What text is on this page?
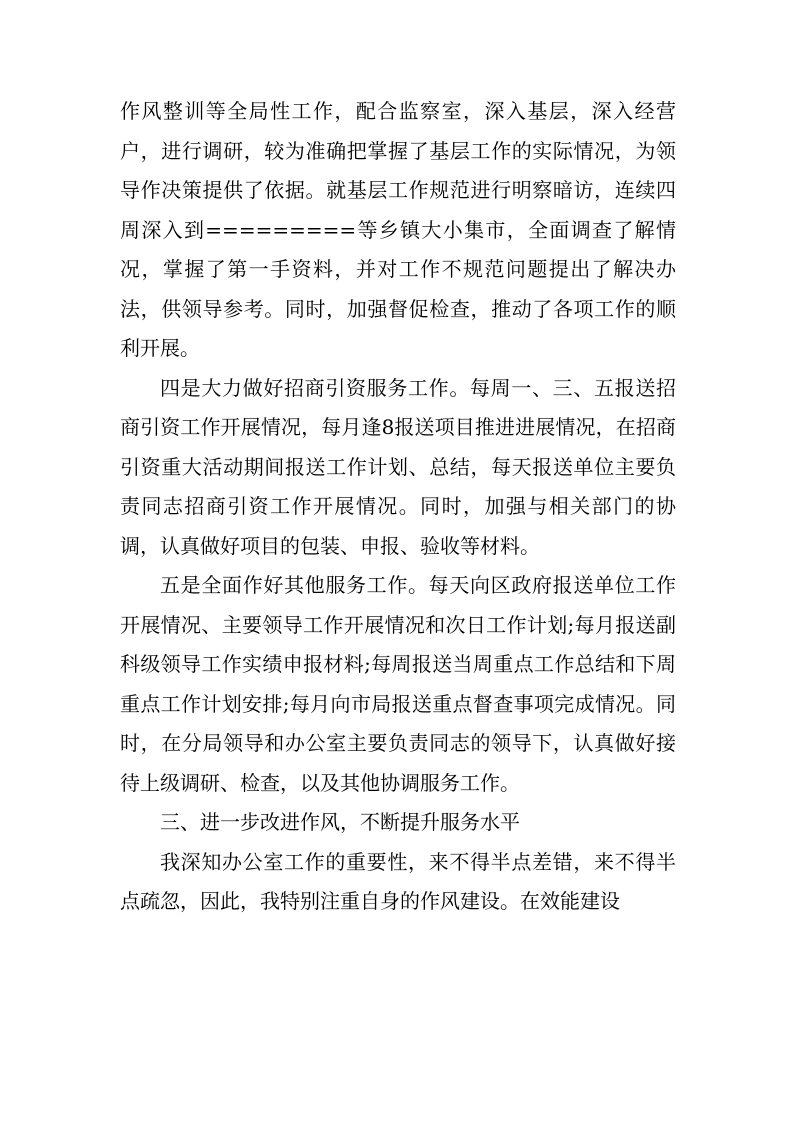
作风整训等全局性工作，配合监察室，深入基层，深入经营户，进行调研，较为准确把掌握了基层工作的实际情况，为领导作决策提供了依据。就基层工作规范进行明察暗访，连续四周深入到=========等乡镇大小集市，全面调查了解情况，掌握了第一手资料，并对工作不规范问题提出了解决办法，供领导参考。同时，加强督促检查，推动了各项工作的顺利开展。

四是大力做好招商引资服务工作。每周一、三、五报送招商引资工作开展情况，每月逢8报送项目推进进展情况，在招商引资重大活动期间报送工作计划、总结，每天报送单位主要负责同志招商引资工作开展情况。同时，加强与相关部门的协调，认真做好项目的包装、申报、验收等材料。

五是全面作好其他服务工作。每天向区政府报送单位工作开展情况、主要领导工作开展情况和次日工作计划;每月报送副科级领导工作实绩申报材料;每周报送当周重点工作总结和下周重点工作计划安排;每月向市局报送重点督查事项完成情况。同时，在分局领导和办公室主要负责同志的领导下，认真做好接待上级调研、检查，以及其他协调服务工作。

三、进一步改进作风，不断提升服务水平

我深知办公室工作的重要性，来不得半点差错，来不得半点疏忽，因此，我特别注重自身的作风建设。在效能建设
